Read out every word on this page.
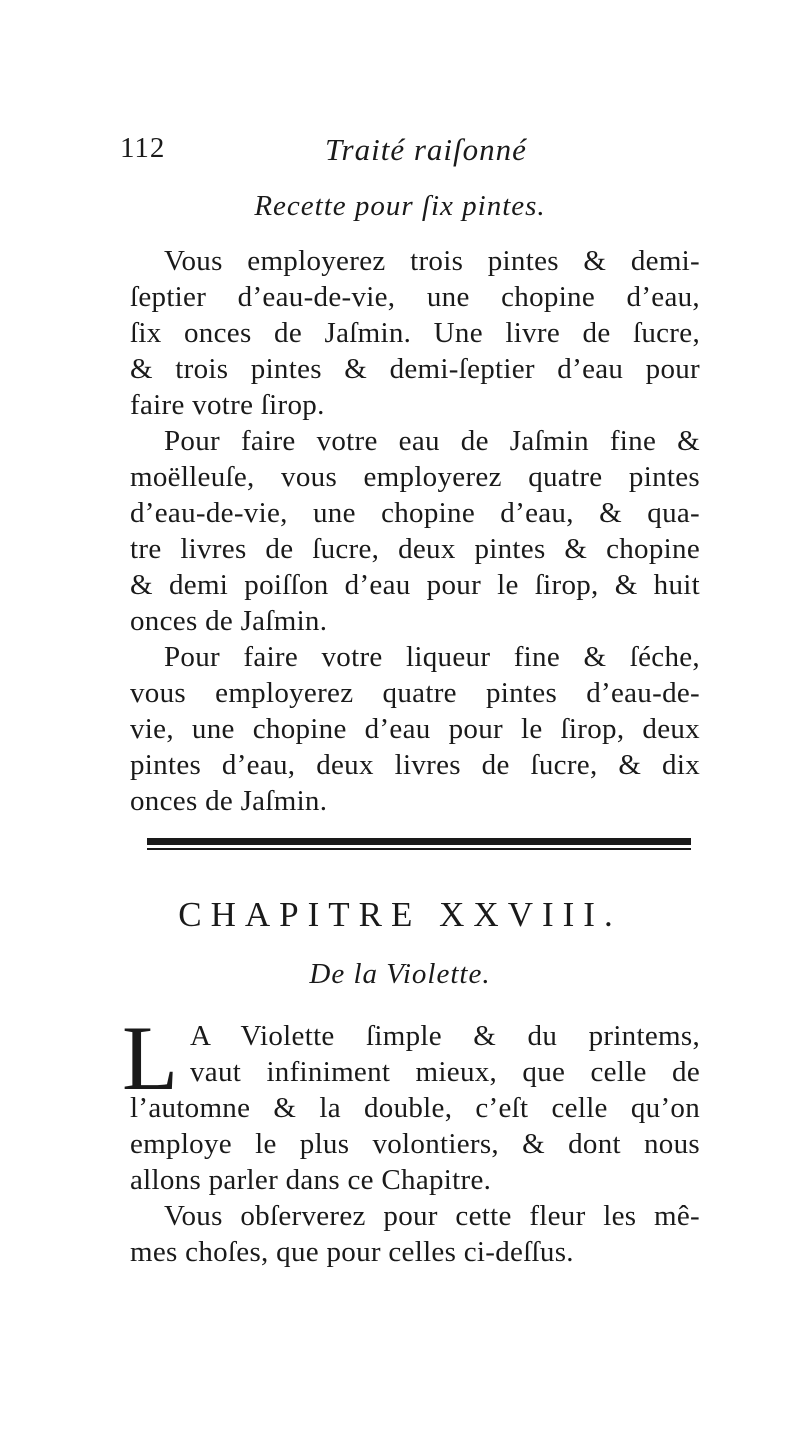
112	Traité raiſonné
Recette pour ſix pintes.
Vous employerez trois pintes & demi-
ſeptier d’eau-de-vie, une chopine d’eau,
ſix onces de Jaſmin. Une livre de ſucre,
& trois pintes & demi-ſeptier d’eau pour
faire votre ſirop.
Pour faire votre eau de Jaſmin fine &
moëlleuſe, vous employerez quatre pintes
d’eau-de-vie, une chopine d’eau, & qua-
tre livres de ſucre, deux pintes & chopine
& demi poiſſon d’eau pour le ſirop, & huit
onces de Jaſmin.
Pour faire votre liqueur fine & ſéche,
vous employerez quatre pintes d’eau-de-
vie, une chopine d’eau pour le ſirop, deux
pintes d’eau, deux livres de ſucre, & dix
onces de Jaſmin.
CHAPITRE XXVIII.
De la Violette.
L A Violette ſimple & du printems,
vaut infiniment mieux, que celle de
l’automne & la double, c’eſt celle qu’on
employe le plus volontiers, & dont nous
allons parler dans ce Chapitre.
Vous obſerverez pour cette fleur les mê-
mes choſes, que pour celles ci-deſſus.
